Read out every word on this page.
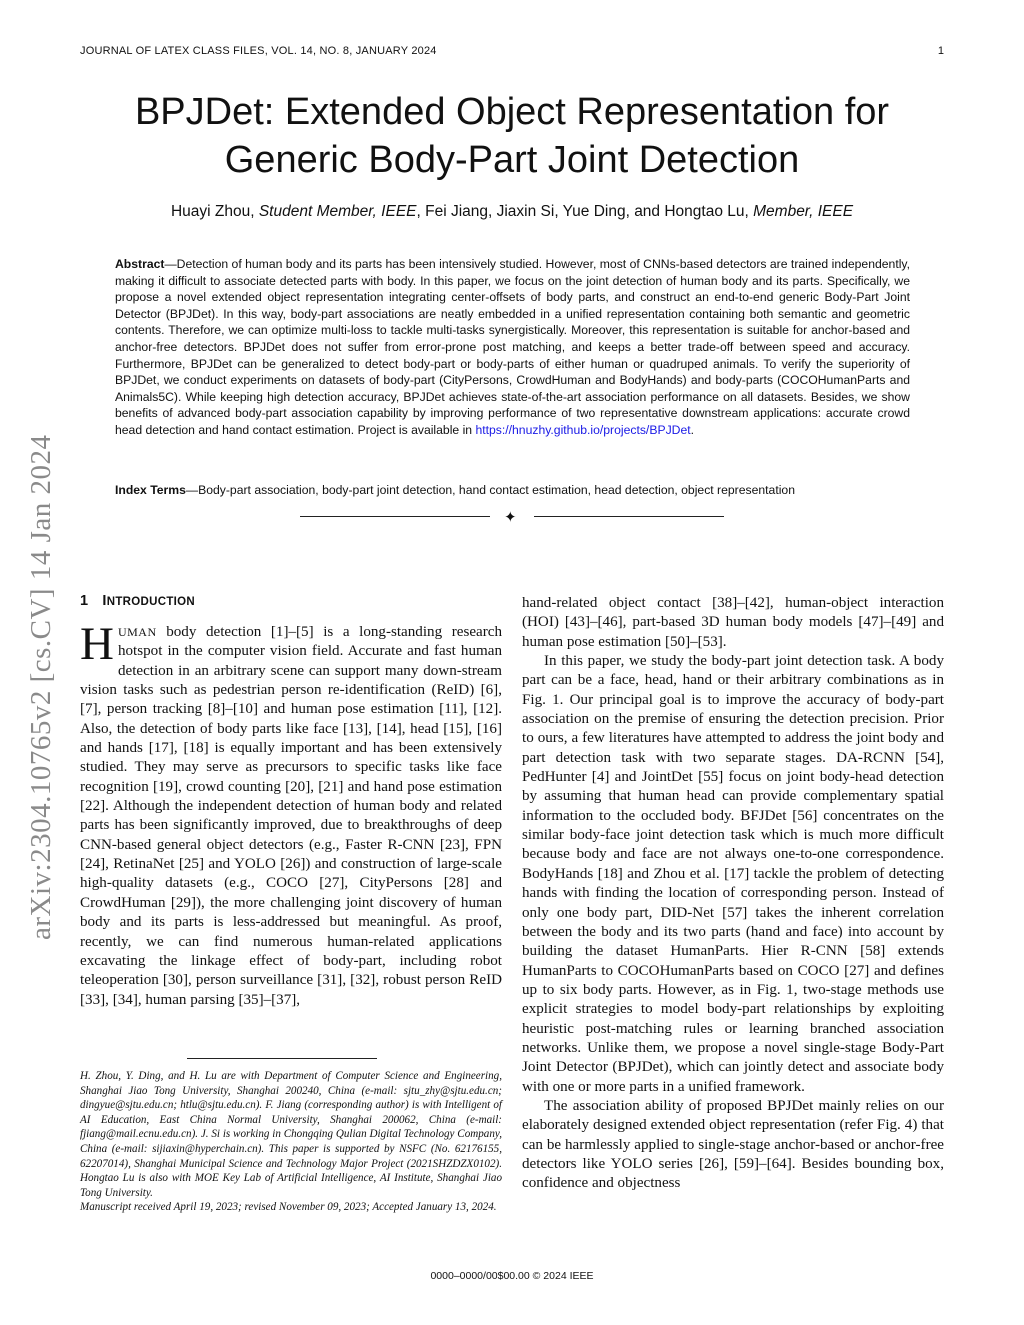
JOURNAL OF LATEX CLASS FILES, VOL. 14, NO. 8, JANUARY 2024	1
arXiv:2304.10765v2 [cs.CV] 14 Jan 2024
BPJDet: Extended Object Representation for
Generic Body-Part Joint Detection
Huayi Zhou, Student Member, IEEE, Fei Jiang, Jiaxin Si, Yue Ding, and Hongtao Lu, Member, IEEE

Abstract—Detection of human body and its parts has been intensively studied. However, most of CNNs-based detectors are trained independently, making it difficult to associate detected parts with body. In this paper, we focus on the joint detection of human body and its parts. Specifically, we propose a novel extended object representation integrating center-offsets of body parts, and construct an end-to-end generic Body-Part Joint Detector (BPJDet). In this way, body-part associations are neatly embedded in a unified representation containing both semantic and geometric contents. Therefore, we can optimize multi-loss to tackle multi-tasks synergistically. Moreover, this representation is suitable for anchor-based and anchor-free detectors. BPJDet does not suffer from error-prone post matching, and keeps a better trade-off between speed and accuracy. Furthermore, BPJDet can be generalized to detect body-part or body-parts of either human or quadruped animals. To verify the superiority of BPJDet, we conduct experiments on datasets of body-part (CityPersons, CrowdHuman and BodyHands) and body-parts (COCOHumanParts and Animals5C). While keeping high detection accuracy, BPJDet achieves state-of-the-art association performance on all datasets. Besides, we show benefits of advanced body-part association capability by improving performance of two representative downstream applications: accurate crowd head detection and hand contact estimation. Project is available in https://hnuzhy.github.io/projects/BPJDet.

Index Terms—Body-part association, body-part joint detection, hand contact estimation, head detection, object representation

✦
1 INTRODUCTION

HUMAN body detection [1]–[5] is a long-standing research hotspot in the computer vision field. Accurate and fast human detection in an arbitrary scene can support many down-stream vision tasks such as pedestrian person re-identification (ReID) [6], [7], person tracking [8]–[10] and human pose estimation [11], [12]. Also, the detection of body parts like face [13], [14], head [15], [16] and hands [17], [18] is equally important and has been extensively studied. They may serve as precursors to specific tasks like face recognition [19], crowd counting [20], [21] and hand pose estimation [22]. Although the independent detection of human body and related parts has been significantly improved, due to breakthroughs of deep CNN-based general object detectors (e.g., Faster R-CNN [23], FPN [24], RetinaNet [25] and YOLO [26]) and construction of large-scale high-quality datasets (e.g., COCO [27], CityPersons [28] and CrowdHuman [29]), the more challenging joint discovery of human body and its parts is less-addressed but meaningful. As proof, recently, we can find numerous human-related applications excavating the linkage effect of body-part, including robot teleoperation [30], person surveillance [31], [32], robust person ReID [33], [34], human parsing [35]–[37],

H. Zhou, Y. Ding, and H. Lu are with Department of Computer Science and Engineering, Shanghai Jiao Tong University, Shanghai 200240, China (e-mail: sjtu_zhy@sjtu.edu.cn; dingyue@sjtu.edu.cn; htlu@sjtu.edu.cn). F. Jiang (corresponding author) is with Intelligent of AI Education, East China Normal University, Shanghai 200062, China (e-mail: fjiang@mail.ecnu.edu.cn). J. Si is working in Chongqing Qulian Digital Technology Company, China (e-mail: sijiaxin@hyperchain.cn). This paper is supported by NSFC (No. 62176155, 62207014), Shanghai Municipal Science and Technology Major Project (2021SHZDZX0102). Hongtao Lu is also with MOE Key Lab of Artificial Intelligence, AI Institute, Shanghai Jiao Tong University.
Manuscript received April 19, 2023; revised November 09, 2023; Accepted January 13, 2024.

hand-related object contact [38]–[42], human-object interaction (HOI) [43]–[46], part-based 3D human body models [47]–[49] and human pose estimation [50]–[53].

In this paper, we study the body-part joint detection task. A body part can be a face, head, hand or their arbitrary combinations as in Fig. 1. Our principal goal is to improve the accuracy of body-part association on the premise of ensuring the detection precision. Prior to ours, a few literatures have attempted to address the joint body and part detection task with two separate stages. DA-RCNN [54], PedHunter [4] and JointDet [55] focus on joint body-head detection by assuming that human head can provide complementary spatial information to the occluded body. BFJDet [56] concentrates on the similar body-face joint detection task which is much more difficult because body and face are not always one-to-one correspondence. BodyHands [18] and Zhou et al. [17] tackle the problem of detecting hands with finding the location of corresponding person. Instead of only one body part, DID-Net [57] takes the inherent correlation between the body and its two parts (hand and face) into account by building the dataset HumanParts. Hier R-CNN [58] extends HumanParts to COCOHumanParts based on COCO [27] and defines up to six body parts. However, as in Fig. 1, two-stage methods use explicit strategies to model body-part relationships by exploiting heuristic post-matching rules or learning branched association networks. Unlike them, we propose a novel single-stage Body-Part Joint Detector (BPJDet), which can jointly detect and associate body with one or more parts in a unified framework.

The association ability of proposed BPJDet mainly relies on our elaborately designed extended object representation (refer Fig. 4) that can be harmlessly applied to single-stage anchor-based or anchor-free detectors like YOLO series [26], [59]–[64]. Besides bounding box, confidence and objectness

0000–0000/00$00.00 © 2024 IEEE
